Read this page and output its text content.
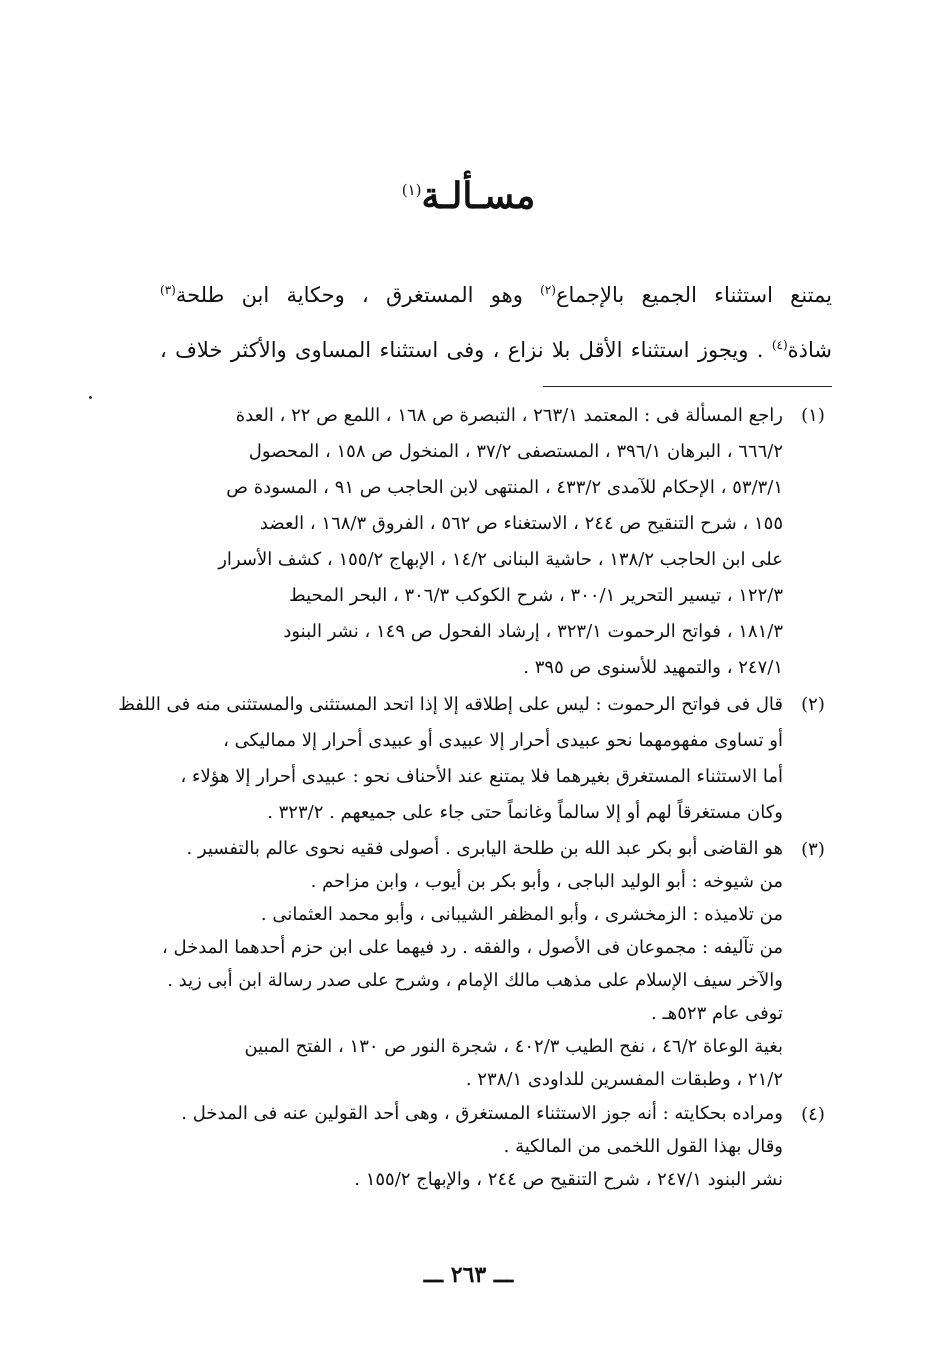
مسـألـة$^{(١)}$
يمتنع استثناء الجميع بالإجماع$^{(٢)}$ وهو المستغرق ، وحكاية ابن طلحة$^{(٣)}$
شاذة$^{(٤)}$ . ويجوز استثناء الأقل بلا نزاع ، وفى استثناء المساوى والأكثر خلاف ،
(١)
راجع المسألة فى : المعتمد ٢٦٣/١ ، التبصرة ص ١٦٨ ، اللمع ص ٢٢ ، العدة
٦٦٦/٢ ، البرهان ٣٩٦/١ ، المستصفى ٣٧/٢ ، المنخول ص ١٥٨ ، المحصول
٥٣/٣/١ ، الإحكام للآمدى ٤٣٣/٢ ، المنتهى لابن الحاجب ص ٩١ ، المسودة ص
١٥٥ ، شرح التنقيح ص ٢٤٤ ، الاستغناء ص ٥٦٢ ، الفروق ١٦٨/٣ ، العضد
على ابن الحاجب ١٣٨/٢ ، حاشية البنانى ١٤/٢ ، الإبهاج ١٥٥/٢ ، كشف الأسرار
١٢٢/٣ ، تيسير التحرير ٣٠٠/١ ، شرح الكوكب ٣٠٦/٣ ، البحر المحيط
١٨١/٣ ، فواتح الرحموت ٣٢٣/١ ، إرشاد الفحول ص ١٤٩ ، نشر البنود
٢٤٧/١ ، والتمهيد للأسنوى ص ٣٩٥ .
(٢)
قال فى فواتح الرحموت : ليس على إطلاقه إلا إذا اتحد المستثنى والمستثنى منه فى اللفظ
أو تساوى مفهومهما نحو عبيدى أحرار إلا عبيدى أو عبيدى أحرار إلا مماليكى ،
أما الاستثناء المستغرق بغيرهما فلا يمتنع عند الأحناف نحو : عبيدى أحرار إلا هؤلاء ،
وكان مستغرقاً لهم أو إلا سالماً وغانماً حتى جاء على جميعهم . ٣٢٣/٢ .
(٣)
هو القاضى أبو بكر عبد الله بن طلحة اليابرى . أصولى فقيه نحوى عالم بالتفسير .
من شيوخه : أبو الوليد الباجى ، وأبو بكر بن أيوب ، وابن مزاحم .
من تلاميذه : الزمخشرى ، وأبو المظفر الشيبانى ، وأبو محمد العثمانى .
من تآليفه : مجموعان فى الأصول ، والفقه . رد فيهما على ابن حزم أحدهما المدخل ،
والآخر سيف الإسلام على مذهب مالك الإمام ، وشرح على صدر رسالة ابن أبى زيد .
توفى عام ٥٢٣هـ .
بغية الوعاة ٤٦/٢ ، نفح الطيب ٤٠٢/٣ ، شجرة النور ص ١٣٠ ، الفتح المبين
٢١/٢ ، وطبقات المفسرين للداودى ٢٣٨/١ .
(٤)
ومراده بحكايته : أنه جوز الاستثناء المستغرق ، وهى أحد القولين عنه فى المدخل .
وقال بهذا القول اللخمى من المالكية .
نشر البنود ٢٤٧/١ ، شرح التنقيح ص ٢٤٤ ، والإبهاج ١٥٥/٢ .
ـــ ٢٦٣ ـــ
